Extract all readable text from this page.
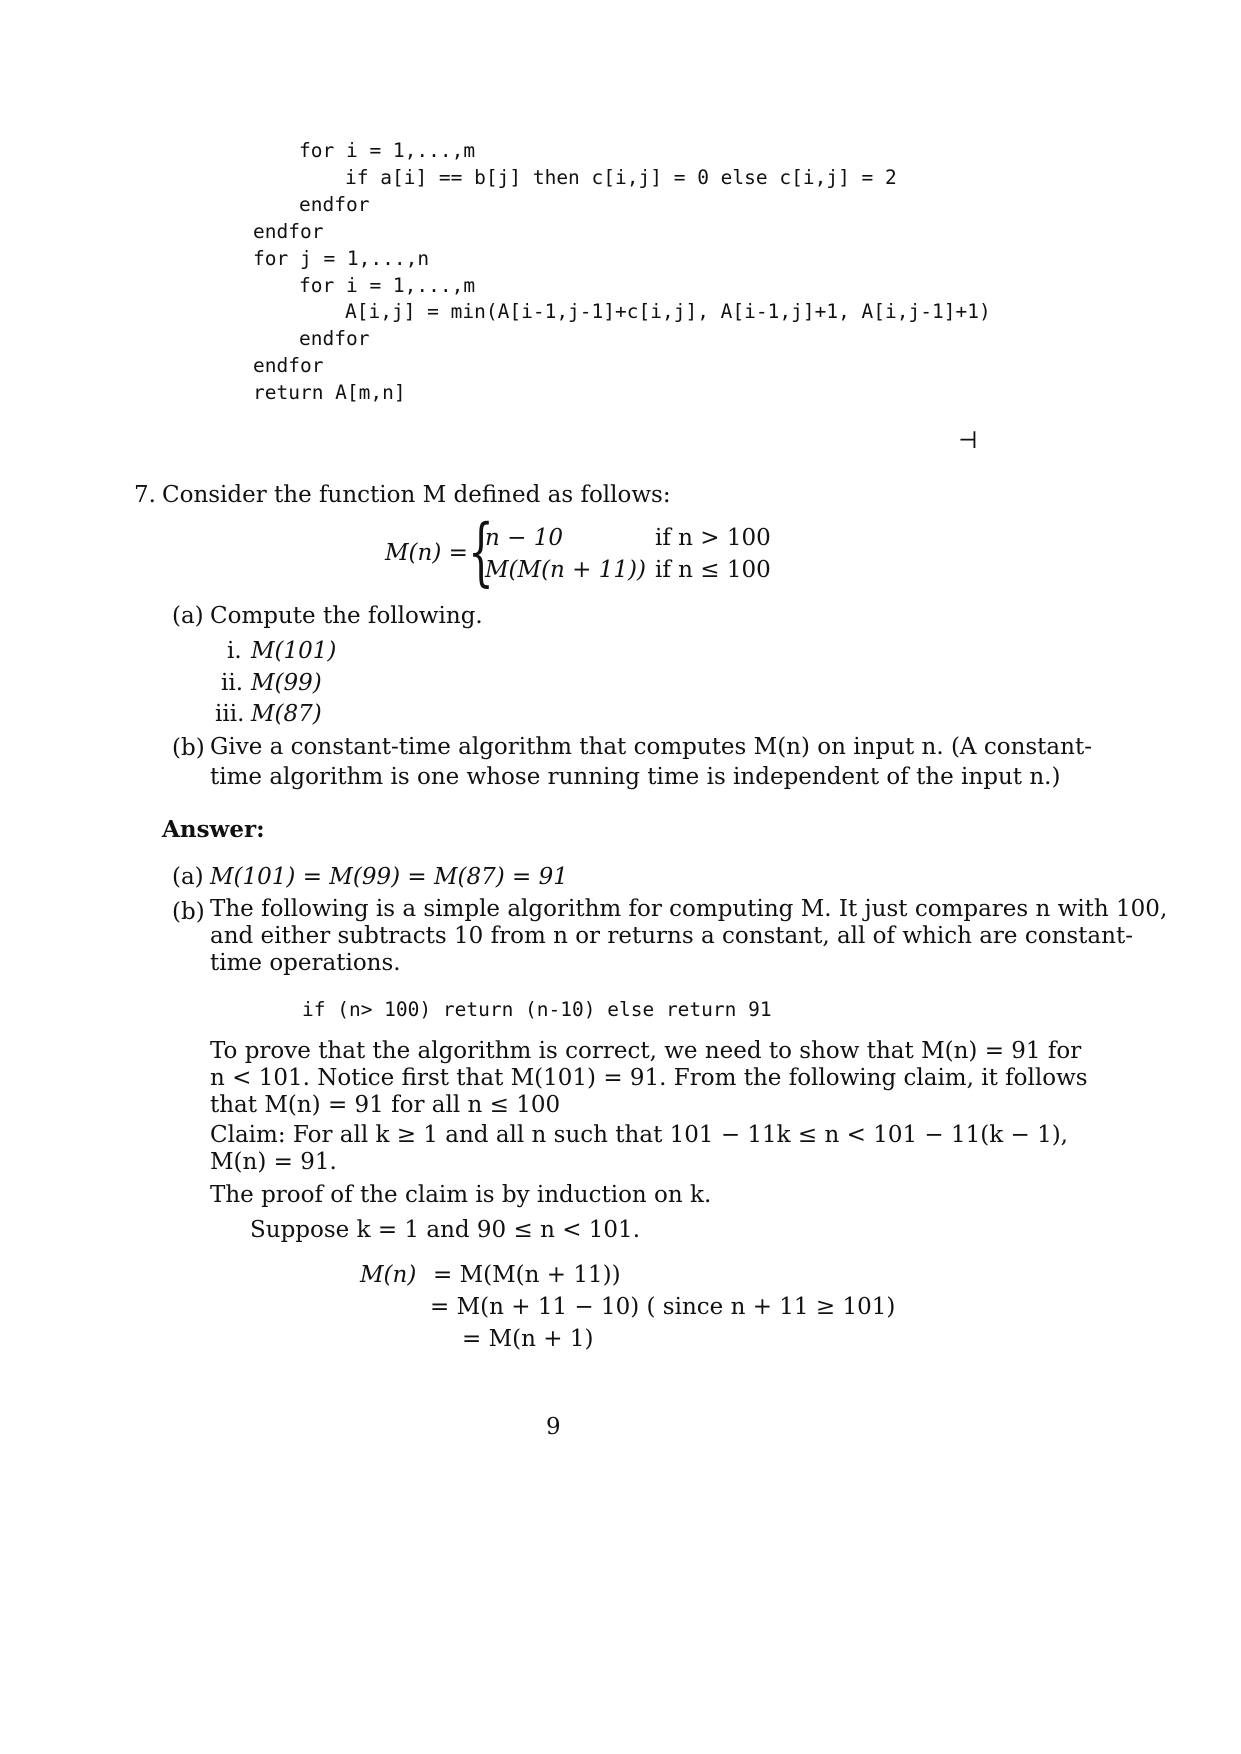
for i = 1,...,m
if a[i] == b[j] then c[i,j] = 0 else c[i,j] = 2
endfor
endfor
for j = 1,...,n
for i = 1,...,m
A[i,j] = min(A[i-1,j-1]+c[i,j], A[i-1,j]+1, A[i,j-1]+1)
endfor
endfor
return A[m,n]
⊣
7. Consider the function M defined as follows:
M(n) = {
n − 10	if n > 100
M(M(n + 11)) if n ≤ 100
(a) Compute the following.
i. M(101)
ii. M(99)
iii. M(87)
(b) Give a constant-time algorithm that computes M(n) on input n. (A constant-
time algorithm is one whose running time is independent of the input n.)
Answer:
(a) M(101) = M(99) = M(87) = 91
(b) The following is a simple algorithm for computing M. It just compares n with 100,
and either subtracts 10 from n or returns a constant, all of which are constant-
time operations.
if (n> 100) return (n-10) else return 91
To prove that the algorithm is correct, we need to show that M(n) = 91 for
n < 101. Notice first that M(101) = 91. From the following claim, it follows
that M(n) = 91 for all n ≤ 100
Claim: For all k ≥ 1 and all n such that 101 − 11k ≤ n < 101 − 11(k − 1),
M(n) = 91.
The proof of the claim is by induction on k.
Suppose k = 1 and 90 ≤ n < 101.
M(n) = M(M(n + 11))
= M(n + 11 − 10) ( since n + 11 ≥ 101)
= M(n + 1)
9
